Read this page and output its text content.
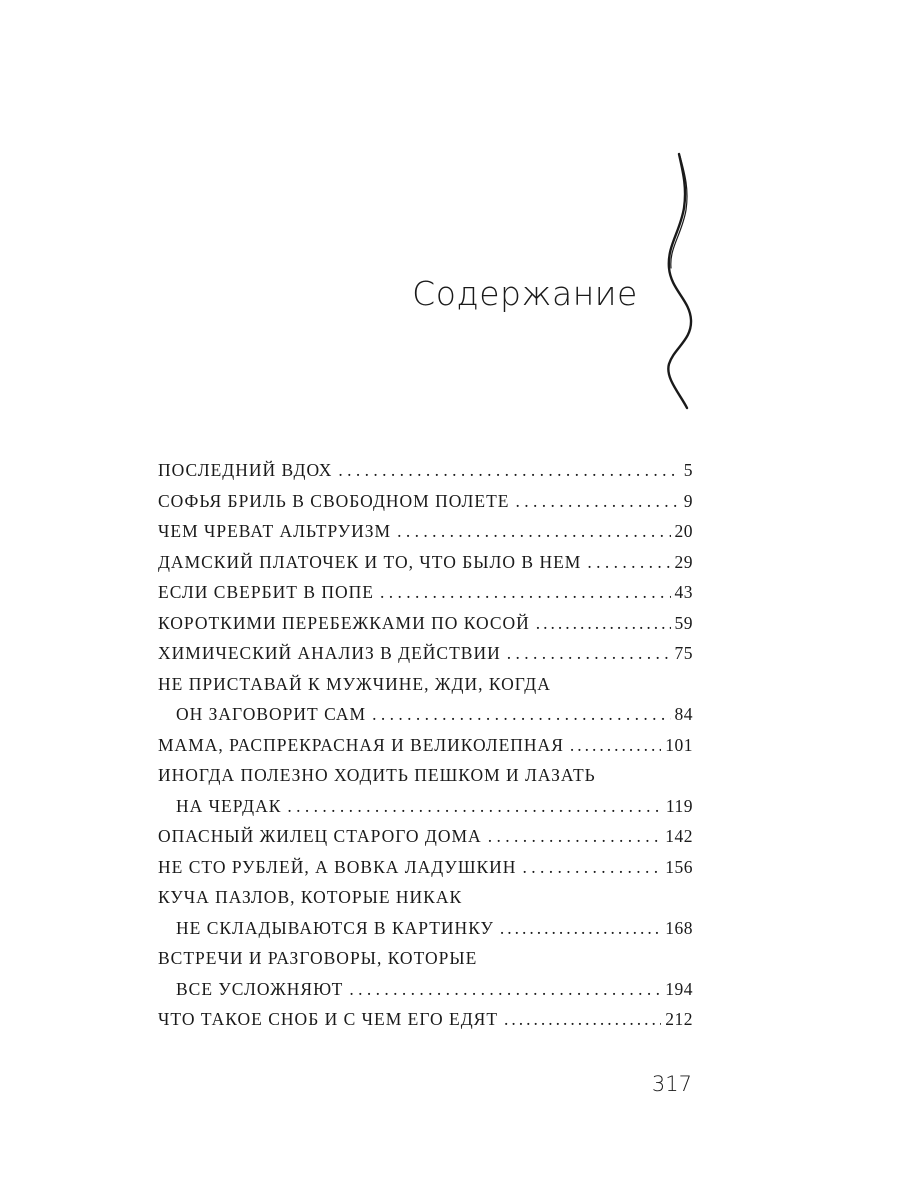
Содержание
ПОСЛЕДНИЙ ВДОХ . . .	5
СОФЬЯ БРИЛЬ В СВОБОДНОМ ПОЛЕТЕ . . .	9
ЧЕМ ЧРЕВАТ АЛЬТРУИЗМ . . .	20
ДАМСКИЙ ПЛАТОЧЕК И ТО, ЧТО БЫЛО В НЕМ . . .	29
ЕСЛИ СВЕРБИТ В ПОПЕ . . .	43
КОРОТКИМИ ПЕРЕБЕЖКАМИ ПО КОСОЙ .....	59
ХИМИЧЕСКИЙ АНАЛИЗ В ДЕЙСТВИИ . . .	75
НЕ ПРИСТАВАЙ К МУЖЧИНЕ, ЖДИ, КОГДА
ОН ЗАГОВОРИТ САМ . . .	84
МАМА, РАСПРЕКРАСНАЯ И ВЕЛИКОЛЕПНАЯ .....	101
ИНОГДА ПОЛЕЗНО ХОДИТЬ ПЕШКОМ И ЛАЗАТЬ
НА ЧЕРДАК . . .	119
ОПАСНЫЙ ЖИЛЕЦ СТАРОГО ДОМА . . .	142
НЕ СТО РУБЛЕЙ, А ВОВКА ЛАДУШКИН . . .	156
КУЧА ПАЗЛОВ, КОТОРЫЕ НИКАК
НЕ СКЛАДЫВАЮТСЯ В КАРТИНКУ .....	168
ВСТРЕЧИ И РАЗГОВОРЫ, КОТОРЫЕ
ВСЕ УСЛОЖНЯЮТ . . .	194
ЧТО ТАКОЕ СНОБ И С ЧЕМ ЕГО ЕДЯТ .....	212
317
